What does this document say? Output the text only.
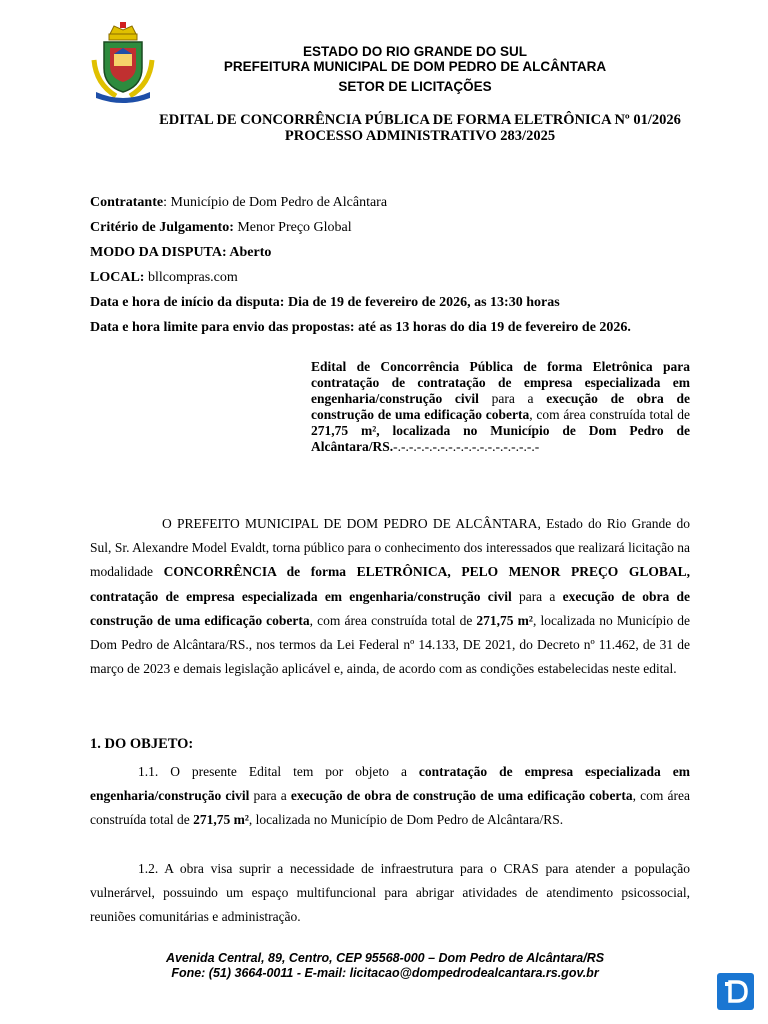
ESTADO DO RIO GRANDE DO SUL
PREFEITURA MUNICIPAL DE DOM PEDRO DE ALCÂNTARA
SETOR DE LICITAÇÕES
EDITAL DE CONCORRÊNCIA PÚBLICA DE FORMA ELETRÔNICA Nº 01/2026
PROCESSO ADMINISTRATIVO 283/2025
Contratante: Município de Dom Pedro de Alcântara
Critério de Julgamento: Menor Preço Global
MODO DA DISPUTA: Aberto
LOCAL: bllcompras.com
Data e hora de início da disputa: Dia de 19 de fevereiro de 2026, as 13:30 horas
Data e hora limite para envio das propostas: até as 13 horas do dia 19 de fevereiro de 2026.
Edital de Concorrência Pública de forma Eletrônica para contratação de contratação de empresa especializada em engenharia/construção civil para a execução de obra de construção de uma edificação coberta, com área construída total de 271,75 m², localizada no Município de Dom Pedro de Alcântara/RS.-.-.-.-.-.-.-.-.-.-.-.-.-.-.-.-.-.-.-
O PREFEITO MUNICIPAL DE DOM PEDRO DE ALCÂNTARA, Estado do Rio Grande do Sul, Sr. Alexandre Model Evaldt, torna público para o conhecimento dos interessados que realizará licitação na modalidade CONCORRÊNCIA de forma ELETRÔNICA, PELO MENOR PREÇO GLOBAL, contratação de empresa especializada em engenharia/construção civil para a execução de obra de construção de uma edificação coberta, com área construída total de 271,75 m², localizada no Município de Dom Pedro de Alcântara/RS., nos termos da Lei Federal nº 14.133, DE 2021, do Decreto nº 11.462, de 31 de março de 2023 e demais legislação aplicável e, ainda, de acordo com as condições estabelecidas neste edital.
1. DO OBJETO:
1.1. O presente Edital tem por objeto a contratação de empresa especializada em engenharia/construção civil para a execução de obra de construção de uma edificação coberta, com área construída total de 271,75 m², localizada no Município de Dom Pedro de Alcântara/RS.
1.2. A obra visa suprir a necessidade de infraestrutura para o CRAS para atender a população vulnerárvel, possuindo um espaço multifuncional para abrigar atividades de atendimento psicossocial, reuniões comunitárias e administração.
Avenida Central, 89, Centro, CEP 95568-000 – Dom Pedro de Alcântara/RS
Fone: (51) 3664-0011 - E-mail: licitacao@dompedrodealcantara.rs.gov.br
